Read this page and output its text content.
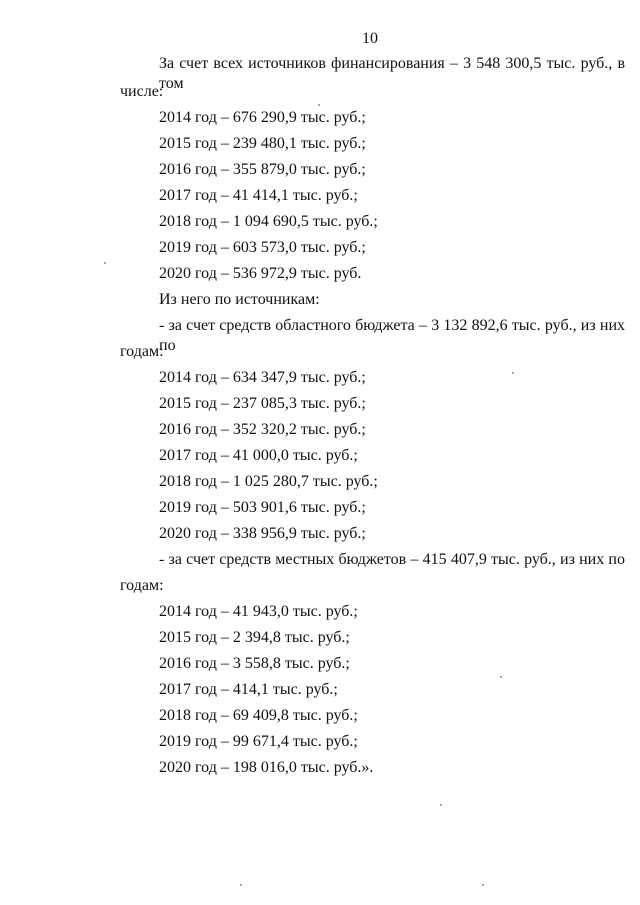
10
За счет всех источников финансирования – 3 548 300,5 тыс. руб., в том
числе:
2014 год – 676 290,9 тыс. руб.;
2015 год – 239 480,1 тыс. руб.;
2016 год – 355 879,0 тыс. руб.;
2017 год – 41 414,1 тыс. руб.;
2018 год – 1 094 690,5 тыс. руб.;
2019 год – 603 573,0 тыс. руб.;
2020 год – 536 972,9 тыс. руб.
Из него по источникам:
- за счет средств областного бюджета – 3 132 892,6 тыс. руб., из них по
годам:
2014 год – 634 347,9 тыс. руб.;
2015 год – 237 085,3 тыс. руб.;
2016 год – 352 320,2 тыс. руб.;
2017 год – 41 000,0 тыс. руб.;
2018 год – 1 025 280,7 тыс. руб.;
2019 год – 503 901,6 тыс. руб.;
2020 год – 338 956,9 тыс. руб.;
- за счет средств местных бюджетов – 415 407,9 тыс. руб., из них по
годам:
2014 год – 41 943,0 тыс. руб.;
2015 год – 2 394,8 тыс. руб.;
2016 год – 3 558,8 тыс. руб.;
2017 год – 414,1 тыс. руб.;
2018 год – 69 409,8 тыс. руб.;
2019 год – 99 671,4 тыс. руб.;
2020 год – 198 016,0 тыс. руб.».
